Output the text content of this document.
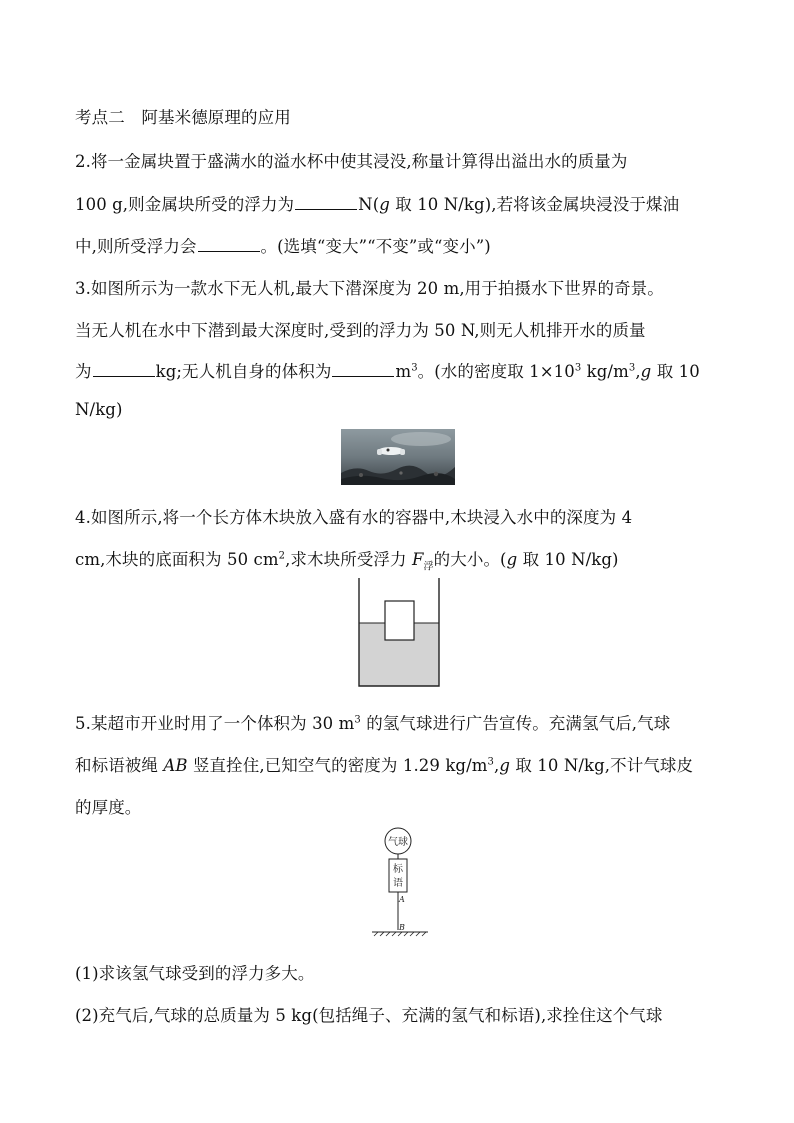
考点二　阿基米德原理的应用
2.将一金属块置于盛满水的溢水杯中使其浸没,称量计算得出溢出水的质量为
100 g,则金属块所受的浮力为	N(g 取 10 N/kg),若将该金属块浸没于煤油
中,则所受浮力会	。(选填“变大”“不变”或“变小”)
3.如图所示为一款水下无人机,最大下潜深度为 20 m,用于拍摄水下世界的奇景。
当无人机在水中下潜到最大深度时,受到的浮力为 50 N,则无人机排开水的质量
为	kg;无人机自身的体积为	$m^3$。(水的密度取 $1\times 10^3$ $kg/m^3,g$ 取 10
N/kg)
4.如图所示,将一个长方体木块放入盛有水的容器中,木块浸入水中的深度为 4
cm,木块的底面积为 50 $cm^2$,求木块所受浮力 $F_浮$的大小。(g 取 10 N/kg)
5.某超市开业时用了一个体积为 30 $m^3$ 的氢气球进行广告宣传。充满氢气后,气球
和标语被绳 AB 竖直拴住,已知空气的密度为 1.29 $kg/m^3,g$ 取 10 N/kg,不计气球皮
的厚度。
气球
标
语
A
B
(1)求该氢气球受到的浮力多大。
(2)充气后,气球的总质量为 5 kg(包括绳子、充满的氢气和标语),求拴住这个气球
